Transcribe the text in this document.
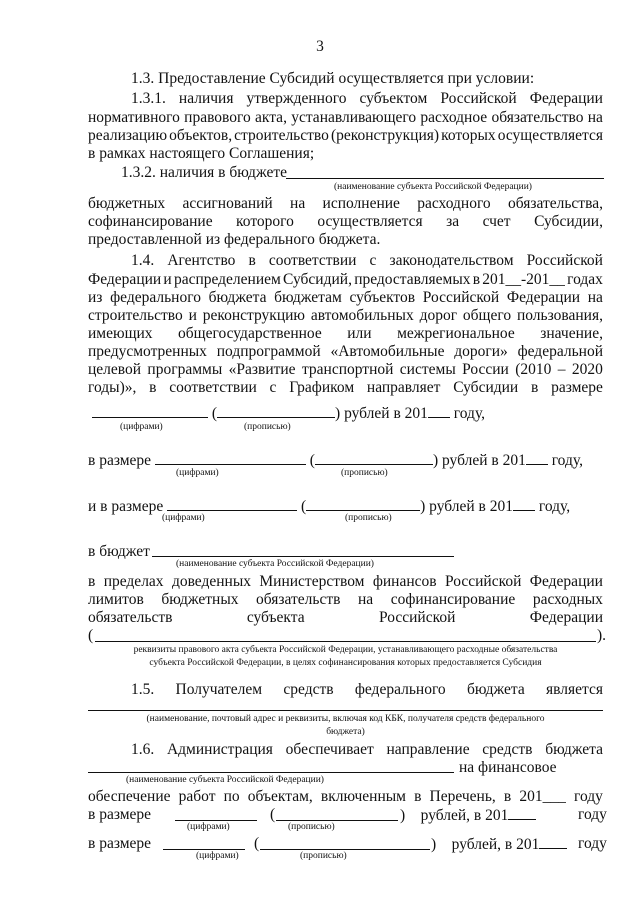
3
1.3. Предоставление Субсидий осуществляется при условии:
1.3.1. наличия утвержденного субъектом Российской Федерации
нормативного правового акта, устанавливающего расходное обязательство на
реализацию объектов, строительство (реконструкция) которых осуществляется
в рамках настоящего Соглашения;
1.3.2. наличия в бюджете
(наименование субъекта Российской Федерации)
бюджетных ассигнований на исполнение расходного обязательства,
софинансирование которого осуществляется за счет Субсидии,
предоставленной из федерального бюджета.
1.4. Агентство в соответствии с законодательством Российской
Федерации и распределением Субсидий, предоставляемых в 201__-201__ годах
из федерального бюджета бюджетам субъектов Российской Федерации на
строительство и реконструкцию автомобильных дорог общего пользования,
имеющих общегосударственное или межрегиональное значение,
предусмотренных подпрограммой «Автомобильные дороги» федеральной
целевой программы «Развитие транспортной системы России (2010 – 2020
годы)», в соответствии с Графиком направляет Субсидии в размере
(	) рублей в 201 году,
(цифрами)	(прописью)
в размере	(	) рублей в 201 году,
(цифрами)	(прописью)
и в размере	(	) рублей в 201 году,
(цифрами)	(прописью)
в бюджет
(наименование субъекта Российской Федерации)
в пределах доведенных Министерством финансов Российской Федерации
лимитов бюджетных обязательств на софинансирование расходных
обязательств	субъекта	Российской	Федерации
(	).
реквизиты правового акта субъекта Российской Федерации, устанавливающего расходные обязательства
субъекта Российской Федерации, в целях софинансирования которых предоставляется Субсидия
1.5. Получателем средств федерального бюджета является
(наименование, почтовый адрес и реквизиты, включая код КБК, получателя средств федерального
бюджета)
1.6. Администрация обеспечивает направление средств бюджета
на финансовое
(наименование субъекта Российской Федерации)
обеспечение работ по объектам, включенным в Перечень, в 201___ году
в размере	(	)    рублей, в 201	году
(цифрами)	(прописью)
в размере	(	)    рублей, в 201	году
(цифрами)	(прописью)
